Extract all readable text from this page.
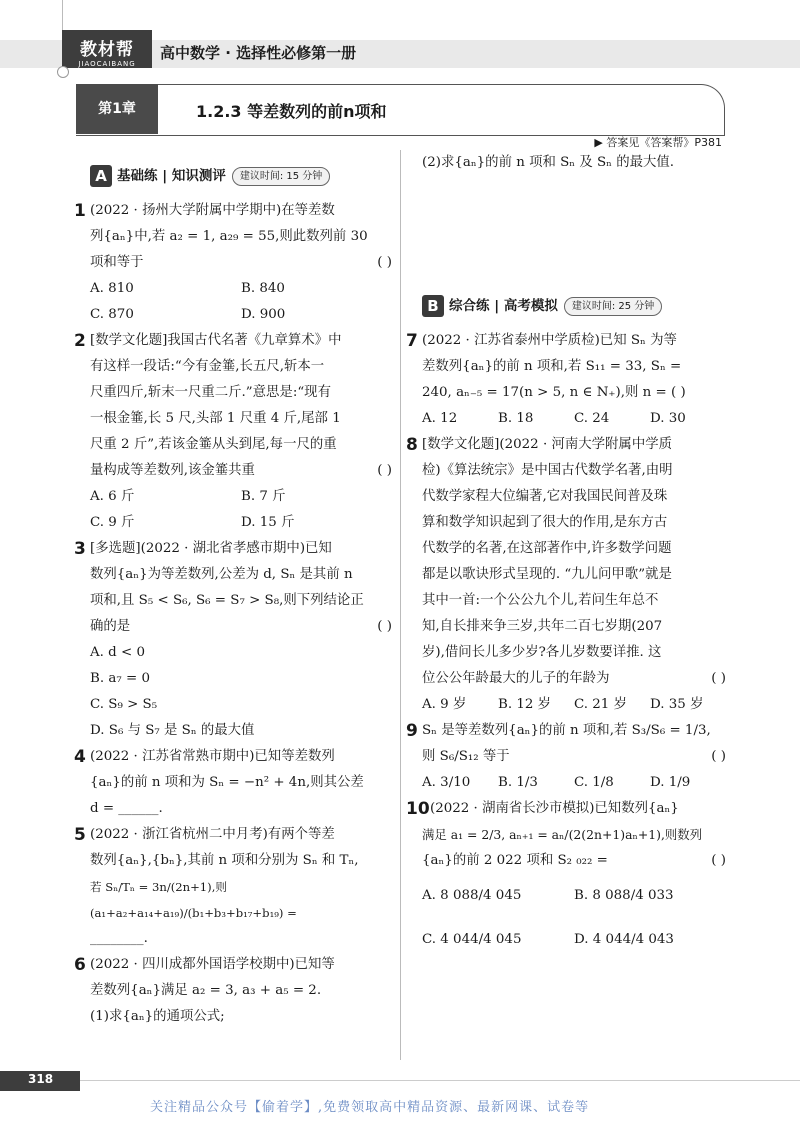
教材帮
JIAOCAIBANG
高中数学 · 选择性必修第一册
第1章	1.2.3 等差数列的前n项和
▶ 答案见《答案帮》P381
A 基础练 | 知识测评	建议时间: 15 分钟
1 (2022 · 扬州大学附属中学期中)在等差数
列{aₙ}中,若 a₂ = 1, a₂₉ = 55,则此数列前 30
项和等于	( )
A. 810	B. 840
C. 870	D. 900
2 [数学文化题]我国古代名著《九章算术》中
有这样一段话:“今有金箠,长五尺,斩本一
尺重四斤,斩末一尺重二斤.”意思是:“现有
一根金箠,长 5 尺,头部 1 尺重 4 斤,尾部 1
尺重 2 斤”,若该金箠从头到尾,每一尺的重
量构成等差数列,该金箠共重	( )
A. 6 斤	B. 7 斤
C. 9 斤	D. 15 斤
3 [多选题](2022 · 湖北省孝感市期中)已知
数列{aₙ}为等差数列,公差为 d, Sₙ 是其前 n
项和,且 S₅ < S₆, S₆ = S₇ > S₈,则下列结论正
确的是	( )
A. d < 0
B. a₇ = 0
C. S₉ > S₅
D. S₆ 与 S₇ 是 Sₙ 的最大值
4 (2022 · 江苏省常熟市期中)已知等差数列
{aₙ}的前 n 项和为 Sₙ = −n² + 4n,则其公差
d = ______.
5 (2022 · 浙江省杭州二中月考)有两个等差
数列{aₙ},{bₙ},其前 n 项和分别为 Sₙ 和 Tₙ,
若 Sₙ/Tₙ = 3n/(2n+1),则 (a₁+a₂+a₁₄+a₁₉)/(b₁+b₃+b₁₇+b₁₉) =
________.
6 (2022 · 四川成都外国语学校期中)已知等
差数列{aₙ}满足 a₂ = 3, a₃ + a₅ = 2.
(1)求{aₙ}的通项公式;
(2)求{aₙ}的前 n 项和 Sₙ 及 Sₙ 的最大值.
B 综合练 | 高考模拟	建议时间: 25 分钟
7 (2022 · 江苏省泰州中学质检)已知 Sₙ 为等
差数列{aₙ}的前 n 项和,若 S₁₁ = 33, Sₙ =
240, aₙ₋₅ = 17(n > 5, n ∈ N₊),则 n = ( )
A. 12	B. 18	C. 24	D. 30
8 [数学文化题](2022 · 河南大学附属中学质
检)《算法统宗》是中国古代数学名著,由明
代数学家程大位编著,它对我国民间普及珠
算和数学知识起到了很大的作用,是东方古
代数学的名著,在这部著作中,许多数学问题
都是以歌诀形式呈现的. “九儿问甲歌”就是
其中一首:一个公公九个儿,若问生年总不
知,自长排来争三岁,共年二百七岁期(207
岁),借问长儿多少岁?各儿岁数要详推. 这
位公公年龄最大的儿子的年龄为	( )
A. 9 岁	B. 12 岁	C. 21 岁	D. 35 岁
9 Sₙ 是等差数列{aₙ}的前 n 项和,若 S₃/S₆ = 1/3,
则 S₆/S₁₂ 等于	( )
A. 3/10	B. 1/3	C. 1/8	D. 1/9
10 (2022 · 湖南省长沙市模拟)已知数列{aₙ}
满足 a₁ = 2/3, aₙ₊₁ = aₙ/(2(2n+1)aₙ+1),则数列
{aₙ}的前 2 022 项和 S₂ ₀₂₂ =	( )
A. 8 088/4 045	B. 8 088/4 033
C. 4 044/4 045	D. 4 044/4 043
318
关注精品公众号【偷着学】,免费领取高中精品资源、最新网课、试卷等
